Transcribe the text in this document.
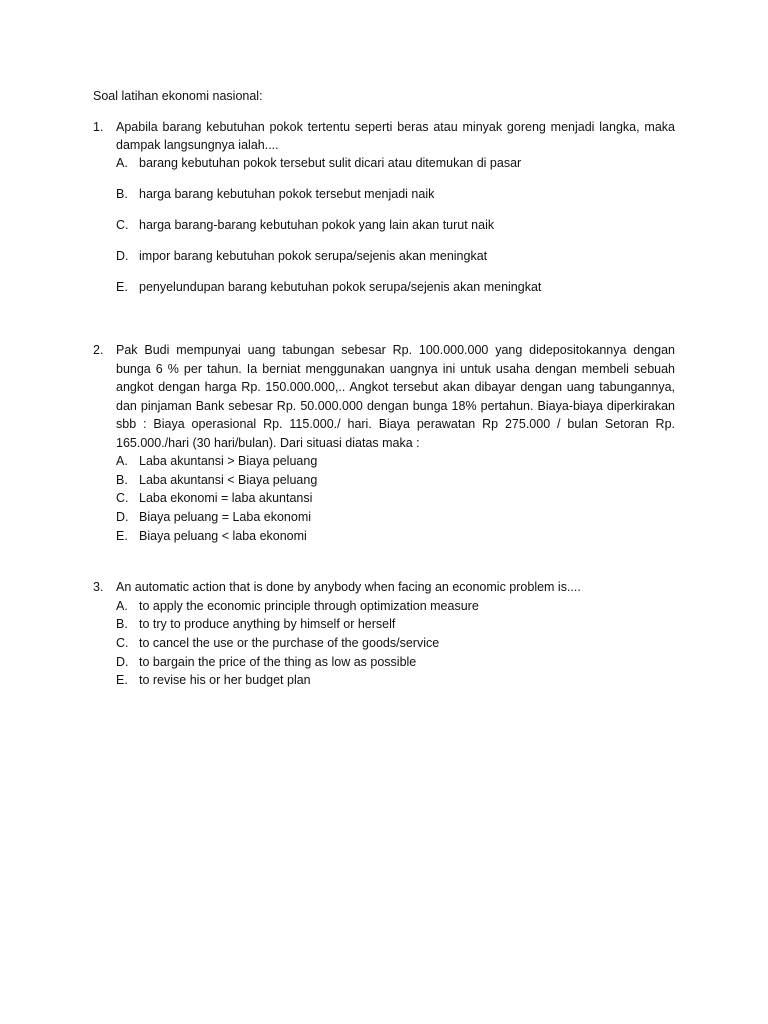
Soal latihan ekonomi nasional:
1. Apabila barang kebutuhan pokok tertentu seperti beras atau minyak goreng menjadi langka, maka dampak langsungnya ialah....
A. barang kebutuhan pokok tersebut sulit dicari atau ditemukan di pasar
B. harga barang kebutuhan pokok tersebut menjadi naik
C. harga barang-barang kebutuhan pokok yang lain akan turut naik
D. impor barang kebutuhan pokok serupa/sejenis akan meningkat
E. penyelundupan barang kebutuhan pokok serupa/sejenis akan meningkat
2. Pak Budi mempunyai uang tabungan sebesar Rp. 100.000.000 yang didepositokannya dengan bunga 6 % per tahun. Ia berniat menggunakan uangnya ini untuk usaha dengan membeli sebuah angkot dengan harga Rp. 150.000.000,.. Angkot tersebut akan dibayar dengan uang tabungannya, dan pinjaman Bank sebesar Rp. 50.000.000 dengan bunga 18% pertahun. Biaya-biaya diperkirakan sbb : Biaya operasional Rp. 115.000./ hari. Biaya perawatan Rp 275.000 / bulan Setoran Rp. 165.000./hari (30 hari/bulan). Dari situasi diatas maka :
A. Laba akuntansi > Biaya peluang
B. Laba akuntansi < Biaya peluang
C. Laba ekonomi = laba akuntansi
D. Biaya peluang = Laba ekonomi
E. Biaya peluang < laba ekonomi
3. An automatic action that is done by anybody when facing an economic problem is....
A. to apply the economic principle through optimization measure
B. to try to produce anything by himself or herself
C. to cancel the use or the purchase of the goods/service
D. to bargain the price of the thing as low as possible
E. to revise his or her budget plan
